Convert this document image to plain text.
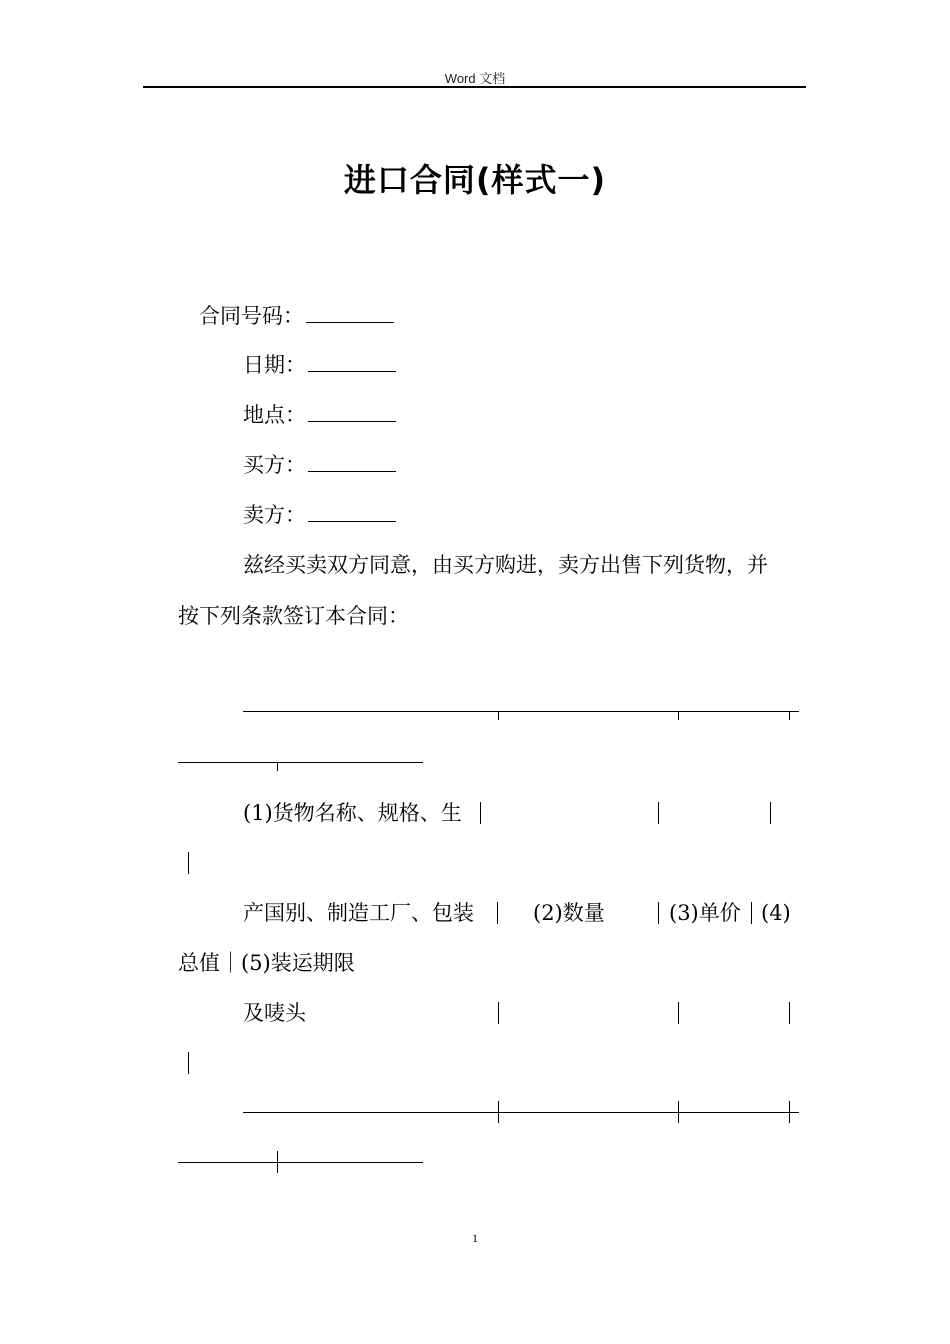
Word 文档
进口合同(样式一)
合同号码：
日期：
地点：
买方：
卖方：
兹经买卖双方同意，由买方购进，卖方出售下列货物，并
按下列条款签订本合同：
(1)货物名称、规格、生
产国别、制造工厂、包装	(2)数量	(3)单价 (4)
总值｜(5)装运期限
及唛头
1
